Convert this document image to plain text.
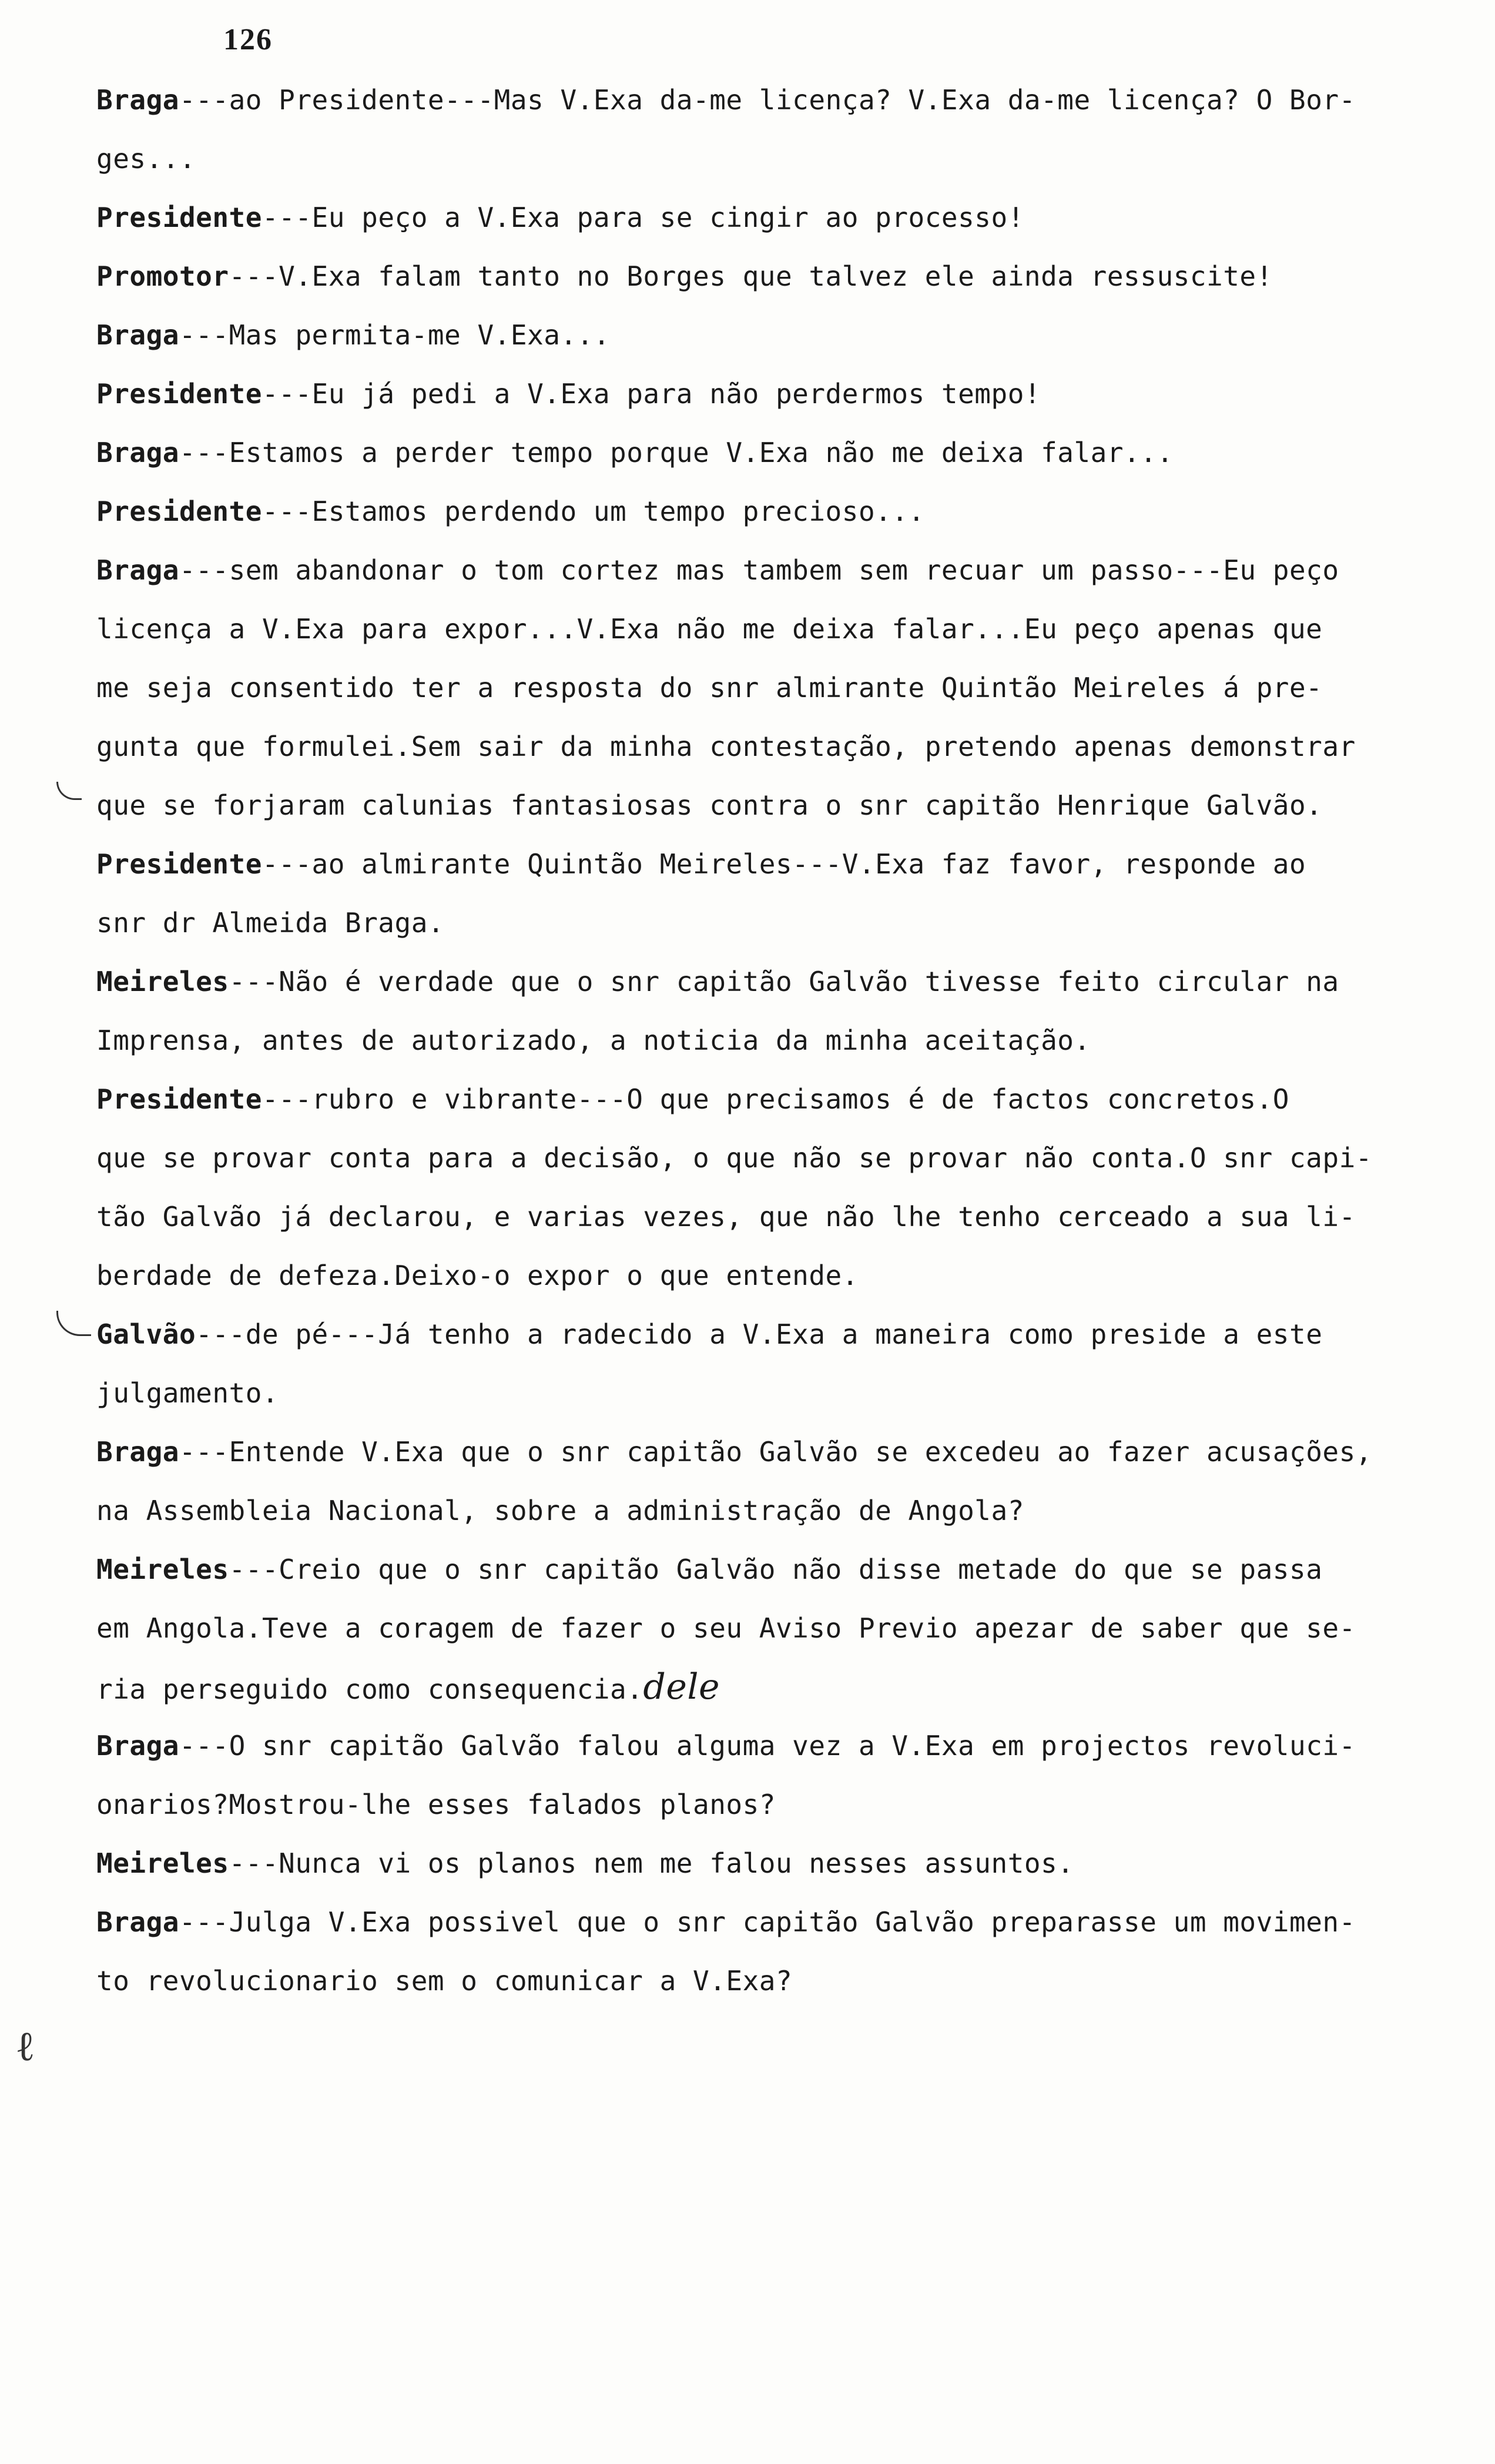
126
Braga---ao Presidente---Mas V.Exa da-me licença? V.Exa da-me licença? O Bor-
ges...
Presidente---Eu peço a V.Exa para se cingir ao processo!
Promotor---V.Exa falam tanto no Borges que talvez ele ainda ressuscite!
Braga---Mas permita-me V.Exa...
Presidente---Eu já pedi a V.Exa para não perdermos tempo!
Braga---Estamos a perder tempo porque V.Exa não me deixa falar...
Presidente---Estamos perdendo um tempo precioso...
Braga---sem abandonar o tom cortez mas tambem sem recuar um passo---Eu peço
licença a V.Exa para expor...V.Exa não me deixa falar...Eu peço apenas que
me seja consentido ter a resposta do snr almirante Quintão Meireles á pre-
gunta que formulei.Sem sair da minha contestação, pretendo apenas demonstrar
que se forjaram calunias fantasiosas contra o snr capitão Henrique Galvão.
Presidente---ao almirante Quintão Meireles---V.Exa faz favor, responde ao
snr dr Almeida Braga.
Meireles---Não é verdade que o snr capitão Galvão tivesse feito circular na
Imprensa, antes de autorizado, a noticia da minha aceitação.
Presidente---rubro e vibrante---O que precisamos é de factos concretos.O
que se provar conta para a decisão, o que não se provar não conta.O snr capi-
tão Galvão já declarou, e varias vezes, que não lhe tenho cerceado a sua li-
berdade de defeza.Deixo-o expor o que entende.
Galvão---de pé---Já tenho a radecido a V.Exa a maneira como preside a este
julgamento.
Braga---Entende V.Exa que o snr capitão Galvão se excedeu ao fazer acusações,
na Assembleia Nacional, sobre a administração de Angola?
Meireles---Creio que o snr capitão Galvão não disse metade do que se passa
em Angola.Teve a coragem de fazer o seu Aviso Previo apezar de saber que se-
ria perseguido como consequencia.dele
Braga---O snr capitão Galvão falou alguma vez a V.Exa em projectos revoluci-
onarios?Mostrou-lhe esses falados planos?
Meireles---Nunca vi os planos nem me falou nesses assuntos.
Braga---Julga V.Exa possivel que o snr capitão Galvão preparasse um movimen-
to revolucionario sem o comunicar a V.Exa?
ℓ
